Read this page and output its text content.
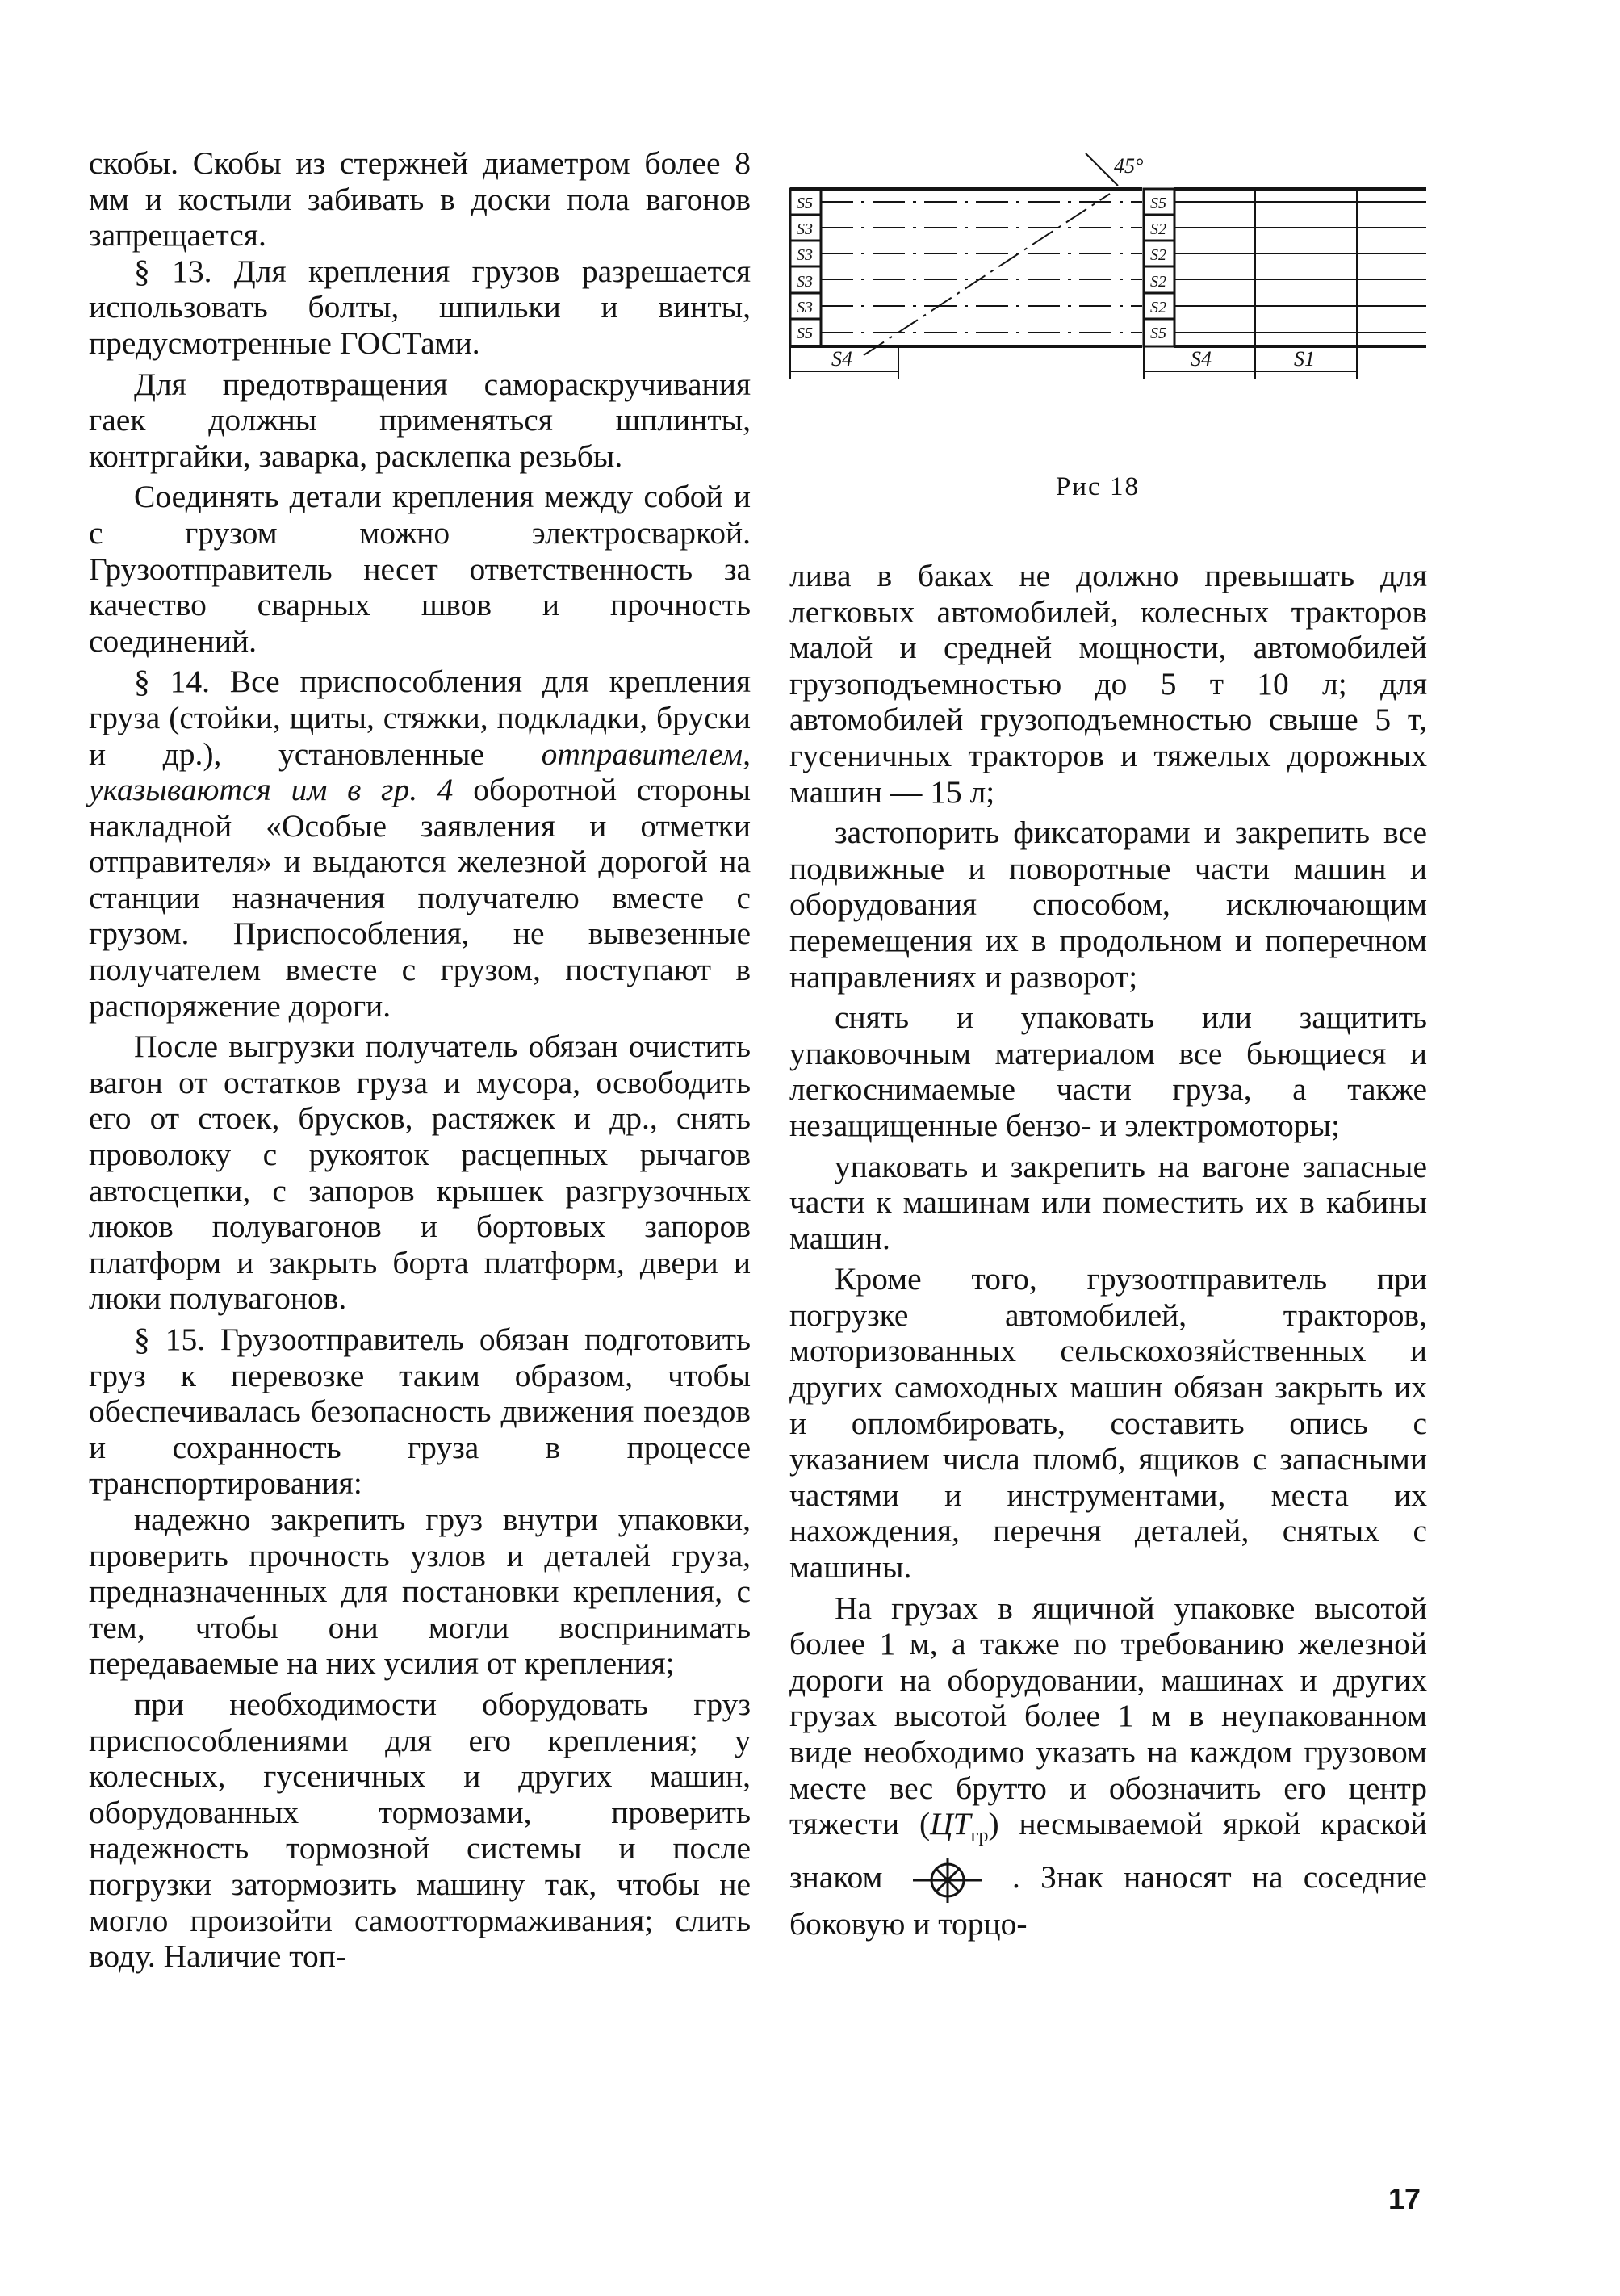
45°
S5
S3
S3
S3
S3
S5
S5
S2
S2
S2
S2
S5
S4	S4	S1
Рис 18

скобы. Скобы из стержней диаметром более 8 мм и костыли забивать в доски пола вагонов запрещается.

§ 13. Для крепления грузов разрешается использовать болты, шпильки и винты, предусмотренные ГОСТами.

Для предотвращения самораскручивания гаек должны применяться шплинты, контргайки, заварка, расклепка резьбы.

Соединять детали крепления между собой и с грузом можно электросваркой. Грузоотправитель несет ответственность за качество сварных швов и прочность соединений.

§ 14. Все приспособления для крепления груза (стойки, щиты, стяжки, подкладки, бруски и др.), установленные отправителем, указываются им в гр. 4 оборотной стороны накладной «Особые заявления и отметки отправителя» и выдаются железной дорогой на станции назначения получателю вместе с грузом. Приспособления, не вывезенные получателем вместе с грузом, поступают в распоряжение дороги.

После выгрузки получатель обязан очистить вагон от остатков груза и мусора, освободить его от стоек, брусков, растяжек и др., снять проволоку с рукояток расцепных рычагов автосцепки, с запоров крышек разгрузочных люков полувагонов и бортовых запоров платформ и закрыть борта платформ, двери и люки полувагонов.

§ 15. Грузоотправитель обязан подготовить груз к перевозке таким образом, чтобы обеспечивалась безопасность движения поездов и сохранность груза в процессе транспортирования:

надежно закрепить груз внутри упаковки, проверить прочность узлов и деталей груза, предназначенных для постановки крепления, с тем, чтобы они могли воспринимать передаваемые на них усилия от крепления;

при необходимости оборудовать груз приспособлениями для его крепления; у колесных, гусеничных и других машин, оборудованных тормозами, проверить надежность тормозной системы и после погрузки затормозить машину так, чтобы не могло произойти самооттормаживания; слить воду. Наличие топ-

лива в баках не должно превышать для легковых автомобилей, колесных тракторов малой и средней мощности, автомобилей грузоподъемностью до 5 т 10 л; для автомобилей грузоподъемностью свыше 5 т, гусеничных тракторов и тяжелых дорожных машин — 15 л;

застопорить фиксаторами и закрепить все подвижные и поворотные части машин и оборудования способом, исключающим перемещения их в продольном и поперечном направлениях и разворот;

снять и упаковать или защитить упаковочным материалом все бьющиеся и легкоснимаемые части груза, а также незащищенные бензо- и электромоторы;

упаковать и закрепить на вагоне запасные части к машинам или поместить их в кабины машин.

Кроме того, грузоотправитель при погрузке автомобилей, тракторов, моторизованных сельскохозяйственных и других самоходных машин обязан закрыть их и опломбировать, составить опись с указанием числа пломб, ящиков с запасными частями и инструментами, места их нахождения, перечня деталей, снятых с машины.

На грузах в ящичной упаковке высотой более 1 м, а также по требованию железной дороги на оборудовании, машинах и других грузах высотой более 1 м в неупакованном виде необходимо указать на каждом грузовом месте вес брутто и обозначить его центр тяжести $(ЦТ_{гр})$ несмываемой яркой краской знаком	. Знак наносят на соседние боковую и торцо-

17
